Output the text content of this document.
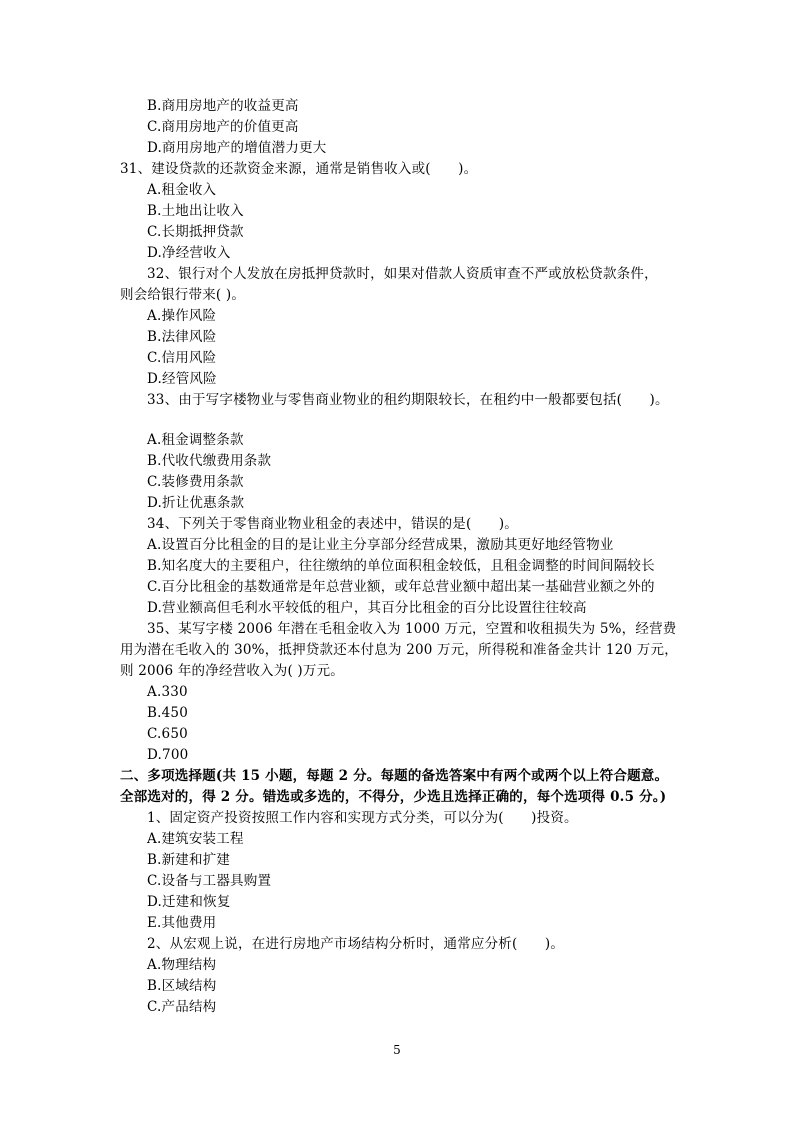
B.商用房地产的收益更高
C.商用房地产的价值更高
D.商用房地产的增值潜力更大
31、建设贷款的还款资金来源，通常是销售收入或(　　)。
A.租金收入
B.土地出让收入
C.长期抵押贷款
D.净经营收入
32、银行对个人发放在房抵押贷款时，如果对借款人资质审查不严或放松贷款条件，
则会给银行带来( )。
A.操作风险
B.法律风险
C.信用风险
D.经管风险
33、由于写字楼物业与零售商业物业的租约期限较长，在租约中一般都要包括(　　)。
A.租金调整条款
B.代收代缴费用条款
C.装修费用条款
D.折让优惠条款
34、下列关于零售商业物业租金的表述中，错误的是(　　)。
A.设置百分比租金的目的是让业主分享部分经营成果，激励其更好地经管物业
B.知名度大的主要租户，往往缴纳的单位面积租金较低，且租金调整的时间间隔较长
C.百分比租金的基数通常是年总营业额，或年总营业额中超出某一基础营业额之外的
D.营业额高但毛利水平较低的租户，其百分比租金的百分比设置往往较高
35、某写字楼 2006 年潜在毛租金收入为 1000 万元，空置和收租损失为 5%，经营费
用为潜在毛收入的 30%，抵押贷款还本付息为 200 万元，所得税和准备金共计 120 万元，
则 2006 年的净经营收入为( )万元。
A.330
B.450
C.650
D.700
二、多项选择题(共 15 小题，每题 2 分。每题的备选答案中有两个或两个以上符合题意。
全部选对的，得 2 分。错选或多选的，不得分，少选且选择正确的，每个选项得 0.5 分。)
1、固定资产投资按照工作内容和实现方式分类，可以分为(　　)投资。
A.建筑安装工程
B.新建和扩建
C.设备与工器具购置
D.迁建和恢复
E.其他费用
2、从宏观上说，在进行房地产市场结构分析时，通常应分析(　　)。
A.物理结构
B.区域结构
C.产品结构
5
